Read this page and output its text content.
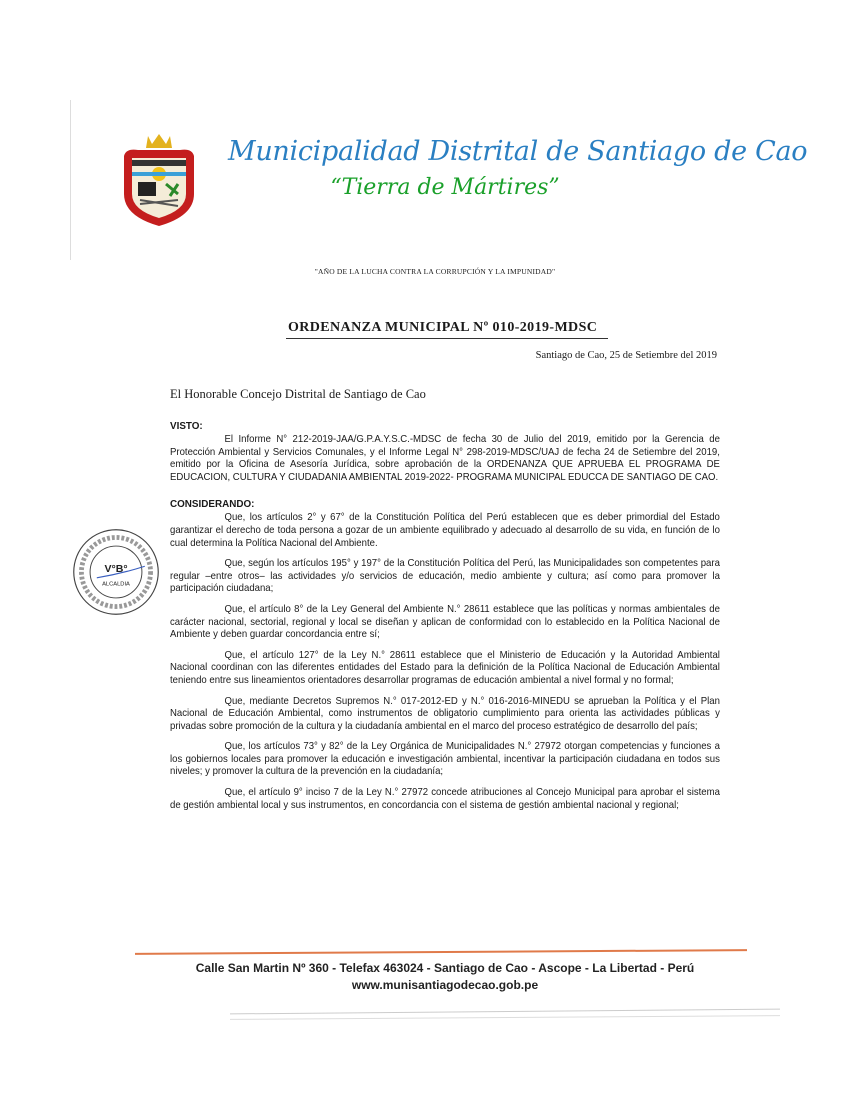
Municipalidad Distrital de Santiago de Cao
“Tierra de Mártires”
"AÑO DE LA LUCHA CONTRA LA CORRUPCIÓN Y LA IMPUNIDAD"
ORDENANZA MUNICIPAL Nº 010-2019-MDSC
Santiago de Cao, 25 de Setiembre del 2019
El Honorable Concejo Distrital de Santiago de Cao
VISTO:
El Informe N° 212-2019-JAA/G.P.A.Y.S.C.-MDSC de fecha 30 de Julio del 2019, emitido por la Gerencia de Protección Ambiental y Servicios Comunales, y el Informe Legal N° 298-2019-MDSC/UAJ de fecha 24 de Setiembre del 2019, emitido por la Oficina de Asesoría Jurídica, sobre aprobación de la ORDENANZA QUE APRUEBA EL PROGRAMA DE EDUCACION, CULTURA Y CIUDADANIA AMBIENTAL 2019-2022- PROGRAMA MUNICIPAL EDUCCA DE SANTIAGO DE CAO.
CONSIDERANDO:
Que, los artículos 2° y 67° de la Constitución Política del Perú establecen que es deber primordial del Estado garantizar el derecho de toda persona a gozar de un ambiente equilibrado y adecuado al desarrollo de su vida, en función de lo cual determina la Política Nacional del Ambiente.
Que, según los artículos 195° y 197° de la Constitución Política del Perú, las Municipalidades son competentes para regular –entre otros– las actividades y/o servicios de educación, medio ambiente y cultura; así como para promover la participación ciudadana;
Que, el artículo 8° de la Ley General del Ambiente N.° 28611 establece que las políticas y normas ambientales de carácter nacional, sectorial, regional y local se diseñan y aplican de conformidad con lo establecido en la Política Nacional de Ambiente y deben guardar concordancia entre sí;
Que, el artículo 127° de la Ley N.° 28611 establece que el Ministerio de Educación y la Autoridad Ambiental Nacional coordinan con las diferentes entidades del Estado para la definición de la Política Nacional de Educación Ambiental teniendo entre sus lineamientos orientadores desarrollar programas de educación ambiental a nivel formal y no formal;
Que, mediante Decretos Supremos N.° 017-2012-ED y N.° 016-2016-MINEDU se aprueban la Política y el Plan Nacional de Educación Ambiental, como instrumentos de obligatorio cumplimiento para orienta las actividades públicas y privadas sobre promoción de la cultura y la ciudadanía ambiental en el marco del proceso estratégico de desarrollo del país;
Que, los artículos 73° y 82° de la Ley Orgánica de Municipalidades N.° 27972 otorgan competencias y funciones a los gobiernos locales para promover la educación e investigación ambiental, incentivar la participación ciudadana en todos sus niveles; y promover la cultura de la prevención en la ciudadanía;
Que, el artículo 9° inciso 7 de la Ley N.° 27972 concede atribuciones al Concejo Municipal para aprobar el sistema de gestión ambiental local y sus instrumentos, en concordancia con el sistema de gestión ambiental nacional y regional;
V°B°
ALCALDIA
Calle San Martin Nº 360 - Telefax 463024 - Santiago de Cao - Ascope - La Libertad - Perú
www.munisantiagodecao.gob.pe
